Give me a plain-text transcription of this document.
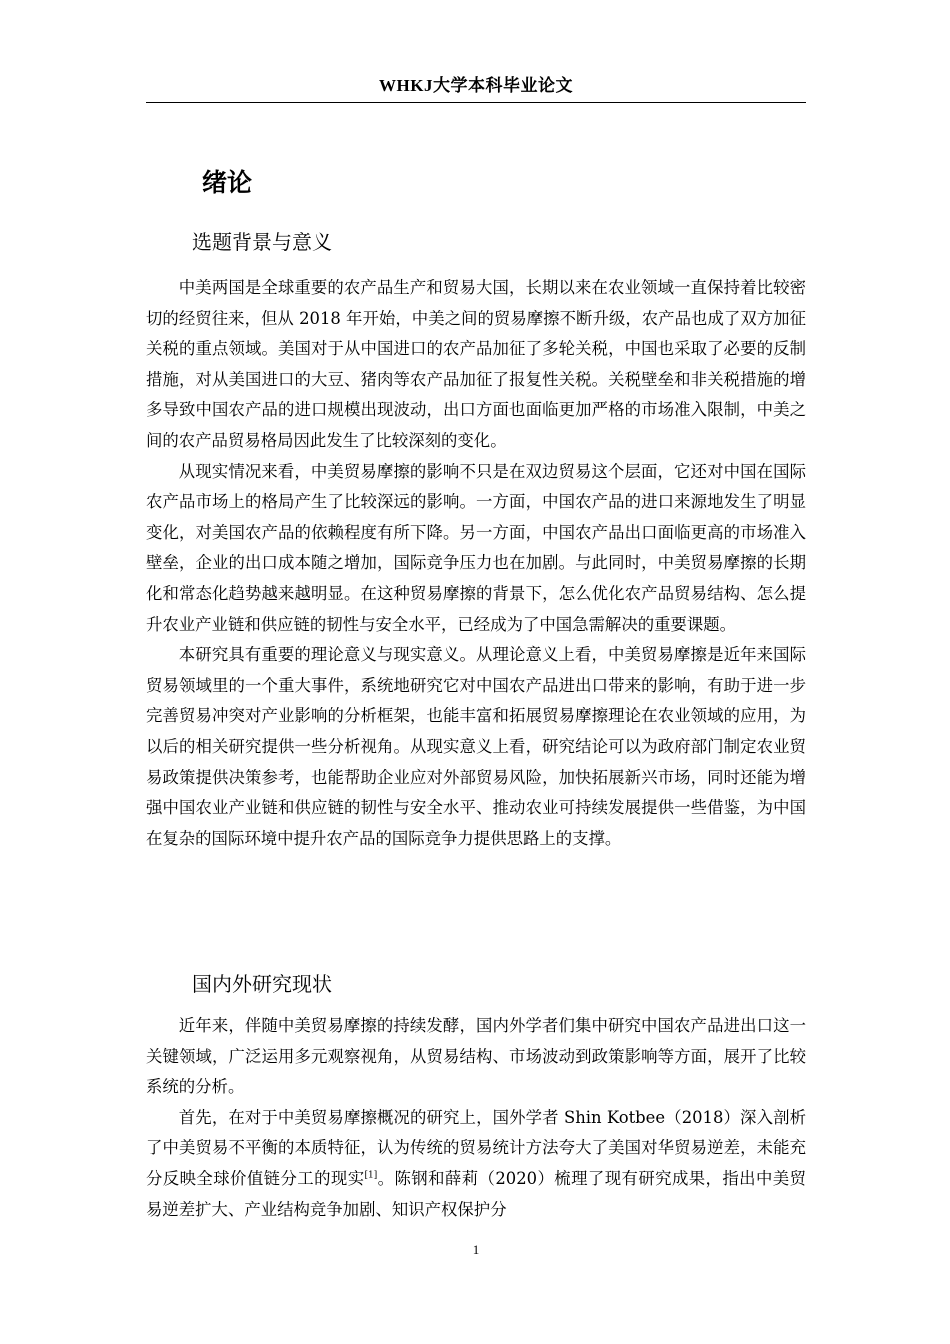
WHKJ大学本科毕业论文
绪论
选题背景与意义

中美两国是全球重要的农产品生产和贸易大国，长期以来在农业领域一直保持着比较密切的经贸往来，但从 2018 年开始，中美之间的贸易摩擦不断升级，农产品也成了双方加征关税的重点领域。美国对于从中国进口的农产品加征了多轮关税，中国也采取了必要的反制措施，对从美国进口的大豆、猪肉等农产品加征了报复性关税。关税壁垒和非关税措施的增多导致中国农产品的进口规模出现波动，出口方面也面临更加严格的市场准入限制，中美之间的农产品贸易格局因此发生了比较深刻的变化。

从现实情况来看，中美贸易摩擦的影响不只是在双边贸易这个层面，它还对中国在国际农产品市场上的格局产生了比较深远的影响。一方面，中国农产品的进口来源地发生了明显变化，对美国农产品的依赖程度有所下降。另一方面，中国农产品出口面临更高的市场准入壁垒，企业的出口成本随之增加，国际竞争压力也在加剧。与此同时，中美贸易摩擦的长期化和常态化趋势越来越明显。在这种贸易摩擦的背景下，怎么优化农产品贸易结构、怎么提升农业产业链和供应链的韧性与安全水平，已经成为了中国急需解决的重要课题。

本研究具有重要的理论意义与现实意义。从理论意义上看，中美贸易摩擦是近年来国际贸易领域里的一个重大事件，系统地研究它对中国农产品进出口带来的影响，有助于进一步完善贸易冲突对产业影响的分析框架，也能丰富和拓展贸易摩擦理论在农业领域的应用，为以后的相关研究提供一些分析视角。从现实意义上看，研究结论可以为政府部门制定农业贸易政策提供决策参考，也能帮助企业应对外部贸易风险，加快拓展新兴市场，同时还能为增强中国农业产业链和供应链的韧性与安全水平、推动农业可持续发展提供一些借鉴，为中国在复杂的国际环境中提升农产品的国际竞争力提供思路上的支撑。

国内外研究现状

近年来，伴随中美贸易摩擦的持续发酵，国内外学者们集中研究中国农产品进出口这一关键领域，广泛运用多元观察视角，从贸易结构、市场波动到政策影响等方面，展开了比较系统的分析。

首先，在对于中美贸易摩擦概况的研究上，国外学者 Shin Kotbee（2018）深入剖析了中美贸易不平衡的本质特征，认为传统的贸易统计方法夸大了美国对华贸易逆差，未能充分反映全球价值链分工的现实[1]。陈钢和薛莉（2020）梳理了现有研究成果，指出中美贸易逆差扩大、产业结构竞争加剧、知识产权保护分

1
